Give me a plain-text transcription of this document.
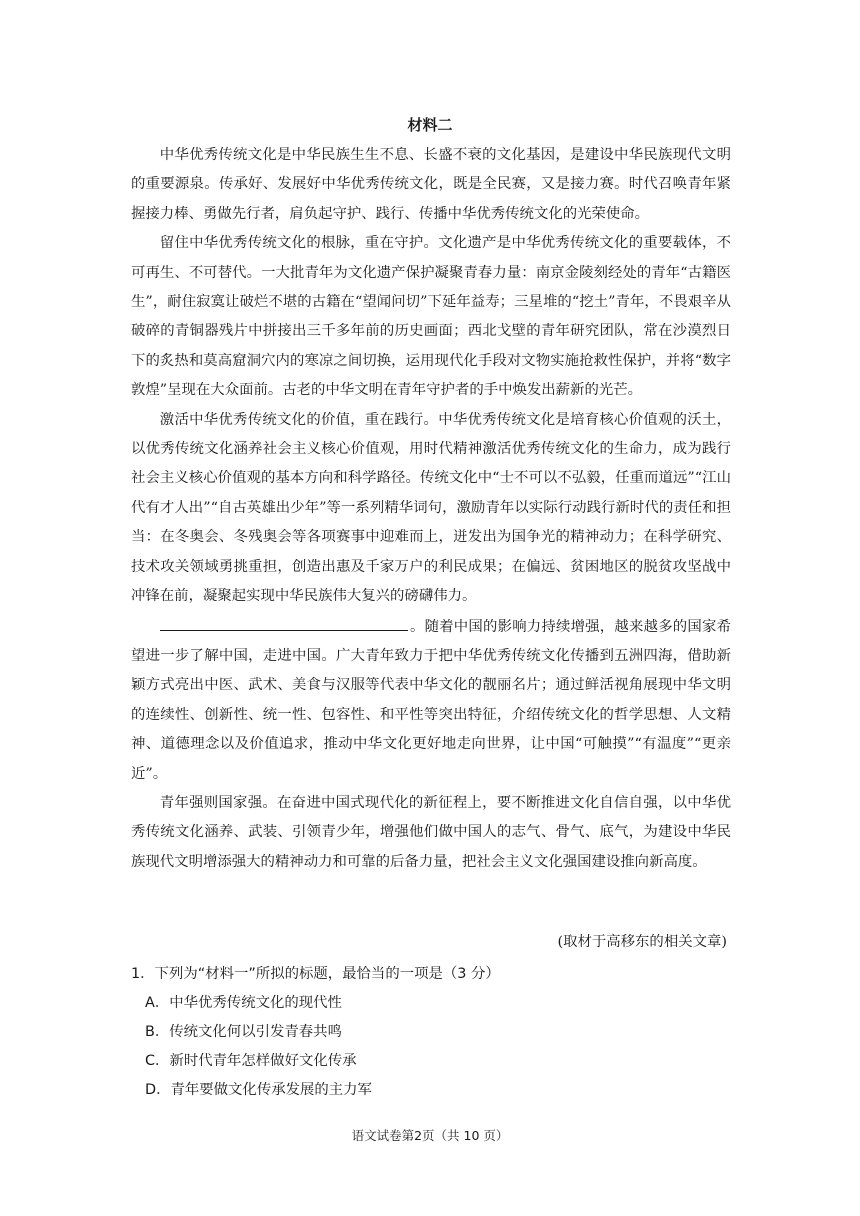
材料二

中华优秀传统文化是中华民族生生不息、长盛不衰的文化基因，是建设中华民族现代文明的重要源泉。传承好、发展好中华优秀传统文化，既是全民赛，又是接力赛。时代召唤青年紧握接力棒、勇做先行者，肩负起守护、践行、传播中华优秀传统文化的光荣使命。

留住中华优秀传统文化的根脉，重在守护。文化遗产是中华优秀传统文化的重要载体，不可再生、不可替代。一大批青年为文化遗产保护凝聚青春力量：南京金陵刻经处的青年“古籍医生”，耐住寂寞让破烂不堪的古籍在“望闻问切”下延年益寿；三星堆的“挖土”青年，不畏艰辛从破碎的青铜器残片中拼接出三千多年前的历史画面；西北戈壁的青年研究团队，常在沙漠烈日下的炙热和莫高窟洞穴内的寒凉之间切换，运用现代化手段对文物实施抢救性保护，并将“数字敦煌”呈现在大众面前。古老的中华文明在青年守护者的手中焕发出薪新的光芒。

激活中华优秀传统文化的价值，重在践行。中华优秀传统文化是培育核心价值观的沃土，以优秀传统文化涵养社会主义核心价值观，用时代精神激活优秀传统文化的生命力，成为践行社会主义核心价值观的基本方向和科学路径。传统文化中“士不可以不弘毅，任重而道远”“江山代有才人出”“自古英雄出少年”等一系列精华词句，激励青年以实际行动践行新时代的责任和担当：在冬奥会、冬残奥会等各项赛事中迎难而上，迸发出为国争光的精神动力；在科学研究、技术攻关领域勇挑重担，创造出惠及千家万户的利民成果；在偏远、贫困地区的脱贫攻坚战中冲锋在前，凝聚起实现中华民族伟大复兴的磅礴伟力。

。随着中国的影响力持续增强，越来越多的国家希望进一步了解中国，走进中国。广大青年致力于把中华优秀传统文化传播到五洲四海，借助新颖方式亮出中医、武术、美食与汉服等代表中华文化的靓丽名片；通过鲜活视角展现中华文明的连续性、创新性、统一性、包容性、和平性等突出特征，介绍传统文化的哲学思想、人文精神、道德理念以及价值追求，推动中华文化更好地走向世界，让中国“可触摸”“有温度”“更亲近”。

青年强则国家强。在奋进中国式现代化的新征程上，要不断推进文化自信自强，以中华优秀传统文化涵养、武装、引领青少年，增强他们做中国人的志气、骨气、底气，为建设中华民族现代文明增添强大的精神动力和可靠的后备力量，把社会主义文化强国建设推向新高度。

(取材于高移东的相关文章)
1．下列为“材料一”所拟的标题，最恰当的一项是（3 分）
A．中华优秀传统文化的现代性
B．传统文化何以引发青春共鸣
C．新时代青年怎样做好文化传承
D．青年要做文化传承发展的主力军
语文试卷第2页（共 10 页）
